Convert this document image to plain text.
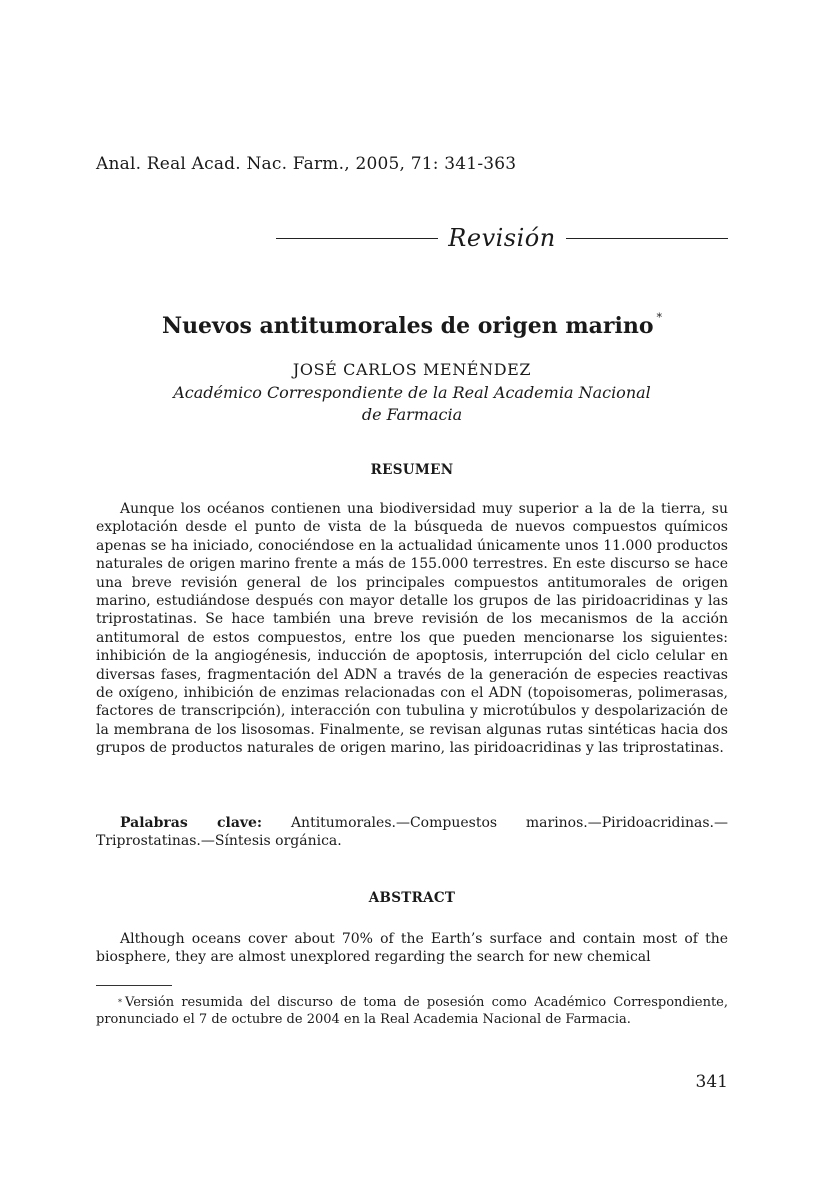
Anal. Real Acad. Nac. Farm., 2005, 71: 341-363
Revisión
Nuevos antitumorales de origen marino *
JOSÉ CARLOS MENÉNDEZ
Académico Correspondiente de la Real Academia Nacional
de Farmacia
RESUMEN

Aunque los océanos contienen una biodiversidad muy superior a la de la tierra, su explotación desde el punto de vista de la búsqueda de nuevos compuestos químicos apenas se ha iniciado, conociéndose en la actualidad únicamente unos 11.000 productos naturales de origen marino frente a más de 155.000 terrestres. En este discurso se hace una breve revisión general de los principales compuestos antitumorales de origen marino, estudiándose después con mayor detalle los grupos de las piridoacridinas y las triprostatinas. Se hace también una breve revisión de los mecanismos de la acción antitumoral de estos compuestos, entre los que pueden mencionarse los siguientes: inhibición de la angiogénesis, inducción de apoptosis, interrupción del ciclo celular en diversas fases, fragmentación del ADN a través de la generación de especies reactivas de oxígeno, inhibición de enzimas relacionadas con el ADN (topoisomeras, polimerasas, factores de transcripción), interacción con tubulina y microtúbulos y despolarización de la membrana de los lisosomas. Finalmente, se revisan algunas rutas sintéticas hacia dos grupos de productos naturales de origen marino, las piridoacridinas y las triprostatinas.

Palabras clave: Antitumorales.—Compuestos marinos.—Piridoacridinas.—Triprostatinas.—Síntesis orgánica.

ABSTRACT

Although oceans cover about 70% of the Earth’s surface and contain most of the biosphere, they are almost unexplored regarding the search for new chemical

* Versión resumida del discurso de toma de posesión como Académico Correspondiente, pronunciado el 7 de octubre de 2004 en la Real Academia Nacional de Farmacia.

341
